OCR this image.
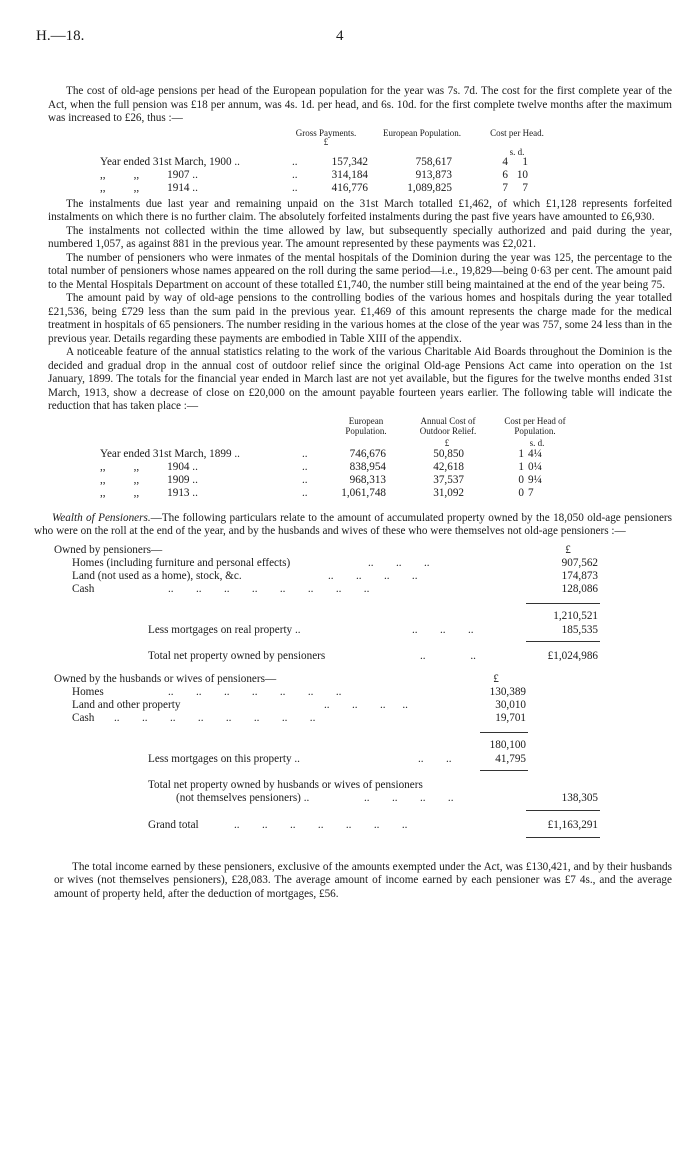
H.—18.	4

The cost of old-age pensions per head of the European population for the year was 7s. 7d. The cost for the first complete year of the Act, when the full pension was £18 per annum, was 4s. 1d. per head, and 6s. 10d. for the first complete twelve months after the maximum was increased to £26, thus :—

Gross Payments.	European Population.	Cost per Head.
£
s. d.
Year ended 31st March, 1900 ..	..	157,342	758,617	4	1
,,          ,,          1907 ..	..	314,184	913,873	6 10
,,          ,,          1914 ..	..	416,776	1,089,825	7	7

The instalments due last year and remaining unpaid on the 31st March totalled £1,462, of which £1,128 represents forfeited instalments on which there is no further claim. The absolutely forfeited instalments during the past five years have amounted to £6,930.

The instalments not collected within the time allowed by law, but subsequently specially authorized and paid during the year, numbered 1,057, as against 881 in the previous year. The amount represented by these payments was £2,021.

The number of pensioners who were inmates of the mental hospitals of the Dominion during the year was 125, the percentage to the total number of pensioners whose names appeared on the roll during the same period—i.e., 19,829—being 0·63 per cent. The amount paid to the Mental Hospitals Department on account of these totalled £1,740, the number still being maintained at the end of the year being 75.

The amount paid by way of old-age pensions to the controlling bodies of the various homes and hospitals during the year totalled £21,536, being £729 less than the sum paid in the previous year. £1,469 of this amount represents the charge made for the medical treatment in hospitals of 65 pensioners. The number residing in the various homes at the close of the year was 757, some 24 less than in the previous year. Details regarding these payments are embodied in Table XIII of the appendix.

A noticeable feature of the annual statistics relating to the work of the various Charitable Aid Boards throughout the Dominion is the decided and gradual drop in the annual cost of outdoor relief since the original Old-age Pensions Act came into operation on the 1st January, 1899. The totals for the financial year ended in March last are not yet available, but the figures for the twelve months ended 31st March, 1913, show a decrease of close on £20,000 on the amount payable fourteen years earlier. The following table will indicate the reduction that has taken place :—

European Population.
Annual Cost of Outdoor Relief.
Cost per Head of Population.
£	s. d.
Year ended 31st March, 1899 ..	..	746,676	50,850	1 4¼
,,          ,,          1904 ..	..	838,954	42,618	1 0¼
,,          ,,          1909 ..	..	968,313	37,537	0 9¼
,,          ,,          1913 ..	..	1,061,748	31,092	0 7

Wealth of Pensioners.—The following particulars relate to the amount of accumulated property owned by the 18,050 old-age pensioners who were on the roll at the end of the year, and by the husbands and wives of these who were themselves not old-age pensioners :—

Owned by pensioners—	£
Homes (including furniture and personal effects)	..        ..        ..	907,562
Land (not used as a home), stock, &c.	..        ..        ..        ..	174,873
Cash	..        ..        ..        ..        ..        ..        ..        ..	128,086
1,210,521
Less mortgages on real property ..	..        ..        ..	185,535
Total net property owned by pensioners	..                ..	£1,024,986
Owned by the husbands or wives of pensioners—	£
Homes	..        ..        ..        ..        ..        ..        ..	130,389
Land and other property	..        ..        ..      ..	30,010
Cash ..        ..        ..        ..        ..        ..        ..        ..	19,701
180,100
Less mortgages on this property ..	..        ..	41,795
Total net property owned by husbands or wives of pensioners
(not themselves pensioners) ..	..        ..        ..        ..	138,305
Grand total	..        ..        ..        ..        ..        ..        ..	£1,163,291
The total income earned by these pensioners, exclusive of the amounts exempted under the Act, was £130,421, and by their husbands or wives (not themselves pensioners), £28,083. The average amount of income earned by each pensioner was £7 4s., and the average amount of property held, after the deduction of mortgages, £56.
